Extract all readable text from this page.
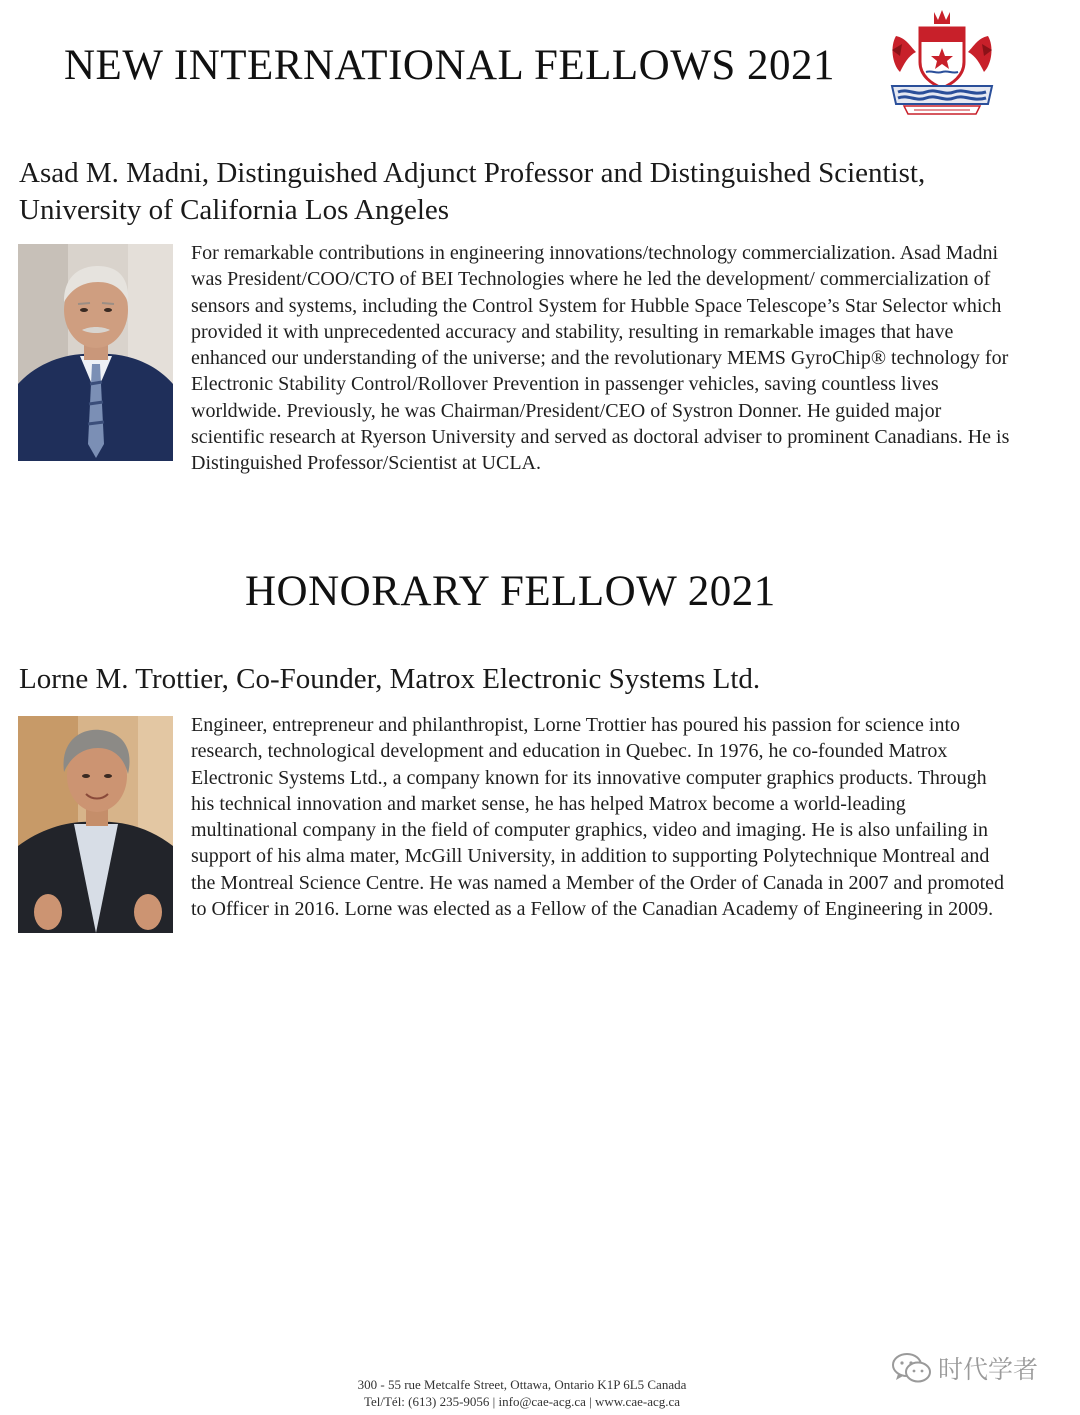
NEW INTERNATIONAL FELLOWS 2021
Asad M. Madni, Distinguished Adjunct Professor and Distinguished Scientist,
University of California Los Angeles

For remarkable contributions in engineering innovations/technology commercialization. Asad Madni was President/COO/CTO of BEI Technologies where he led the development/ commercialization of sensors and systems, including the Control System for Hubble Space Telescope’s Star Selector which provided it with unprecedented accuracy and stability, resulting in remarkable images that have enhanced our understanding of the universe; and the revolutionary MEMS GyroChip® technology for Electronic Stability Control/Rollover Prevention in passenger vehicles, saving countless lives worldwide. Previously, he was Chairman/President/CEO of Systron Donner. He guided major scientific research at Ryerson University and served as doctoral adviser to prominent Canadians. He is Distinguished Professor/Scientist at UCLA.

HONORARY FELLOW 2021
Lorne M. Trottier, Co-Founder, Matrox Electronic Systems Ltd.

Engineer, entrepreneur and philanthropist, Lorne Trottier has poured his passion for science into research, technological development and education in Quebec. In 1976, he co-founded Matrox Electronic Systems Ltd., a company known for its innovative computer graphics products. Through his technical innovation and market sense, he has helped Matrox become a world-leading multinational company in the field of computer graphics, video and imaging. He is also unfailing in support of his alma mater, McGill University, in addition to supporting Polytechnique Montreal and the Montreal Science Centre. He was named a Member of the Order of Canada in 2007 and promoted to Officer in 2016. Lorne was elected as a Fellow of the Canadian Academy of Engineering in 2009.

300 - 55 rue Metcalfe Street, Ottawa, Ontario K1P 6L5 Canada
Tel/Tél: (613) 235-9056 | info@cae-acg.ca | www.cae-acg.ca
时代学者
